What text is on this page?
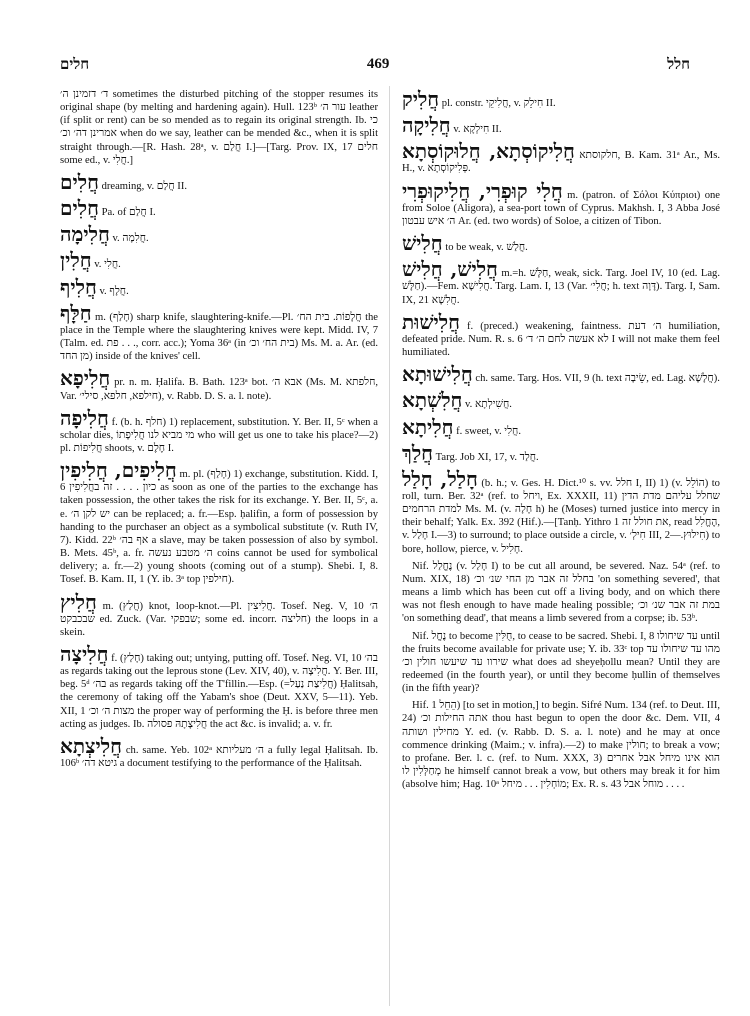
חלים	469	חלל
ד׳ דזמינן ה׳ sometimes the disturbed pitching of the stopper resumes its original shape (by melting and hardening again). Hull. 123ᵇ עור ה׳ leather (if split or rent) can be so mended as to regain its original strength. Ib. כי אמרינן דה׳ וכ׳ when do we say, leather can be mended &c., when it is split straight through.—[R. Hash. 28ᵃ, v. חֲלַם I.]—[Targ. Prov. IX, 17 חלים some ed., v. חֲלִי.]
חֲלִים dreaming, v. חֲלַם II.
חֲלִים Pa. of חֲלַם I.
חֲלִימָה v. חֲלִמָה.
חֲלִין v. חֲלִי.
חֲלִיף v. חֲלָף.
חַלָּף m. (חָלַף) sharp knife, slaughtering-knife.—Pl. חֲלָפוֹת. בית הח׳ the place in the Temple where the slaughtering knives were kept. Midd. IV, 7 (Talm. ed. פת . . ., corr. acc.); Yoma 36ᵃ (in בית הח׳ וכ׳) Ms. M. a. Ar. (ed. מן החד) inside of the knives' cell.
חֲלִיפָא pr. n. m. Ḥalifa. B. Bath. 123ᵃ bot. אבא ה׳ (Ms. M. חלפתא, Var. חילפא, חלפא, סילי׳), v. Rabb. D. S. a. l. note).
חֲלִיפָה f. (b. h. חלף) 1) replacement, substitution. Y. Ber. II, 5ᶜ when a scholar dies, מי מביא לנו חֲלִיפָתוֹ who will get us one to take his place?—2) pl. חֲלִיפוֹת shoots, v. חֶלֶם I.
חֲלִיפִים, חֲלִיפִין m. pl. (חָלַף) 1) exchange, substitution. Kidd. I, 6 כיון . . . . זה בחֲלִיפִין as soon as one of the parties to the exchange has taken possession, the other takes the risk for its exchange. Y. Ber. II, 5ᶜ, a. e. יש לקן ה׳ can be replaced; a. fr.—Esp. ḥalifin, a form of possession by handing to the purchaser an object as a symbolical substitute (v. Ruth IV, 7). Kidd. 22ᵇ אף בה׳ a slave, may be taken possession of also by symbol. B. Mets. 45ᵇ, a. fr. ה׳ מטבע נעשה coins cannot be used for symbolical delivery; a. fr.—2) young shoots (coming out of a stump). Shebi. I, 8. Tosef. B. Kam. II, 1 (Y. ib. 3ᵃ top חילפין).
חֲלִיץ m. (חֲלַץ) knot, loop-knot.—Pl. חֲלִיצִין. Tosef. Neg. V, 10 ה׳ שבכבקט ed. Zuck. (Var. שבפקי; some ed. incorr. חליצה) the loops in a skein.
חֲלִיצָה f. (חָלַץ) taking out; untying, putting off. Tosef. Neg. VI, 10 בה׳ as regards taking out the leprous stone (Lev. XIV, 40), v. חֲלִיצָה. Y. Ber. III, beg. 5ᵈ בה׳ as regards taking off the T'fillin.—Esp. (=חֲלִיצַת נַעַל) Ḥalitsah, the ceremony of taking off the Yabam's shoe (Deut. XXV, 5—11). Yeb. XII, 1 מצות ה׳ וכ׳ the proper way of performing the Ḥ. is before three men acting as judges. Ib. חֲלִיצָתָהּ פסולה the act &c. is invalid; a. v. fr.
חֲלִיצְתָא ch. same. Yeb. 102ᵃ ה׳ מעליותא a fully legal Ḥalitsah. Ib. 106ᵇ גיטא דה׳ a document testifying to the performance of the Ḥalitsah.
חֲלִיק pl. constr. חֲלִיקֵי, v. חִילֵק II.
חֲלִיקָה v. חִילְקָא II.
חֲלִיקוֹסְתָא, חֲלוּקוֹסְתָא חלקוסתא, B. Kam. 31ᵃ Ar., Ms. H., v. פְּלִיקוֹסְתָא.
חֲלִי קוּפְרִי, חֲלִיקוּפְרִי m. (patron. of Σόλοι Κύπριοι) one from Soloe (Aligora), a sea-port town of Cyprus. Makhsh. I, 3 Abba José ה׳ איש עבטון Ar. (ed. two words) of Soloe, a citizen of Tibon.
חֲלִישׁ to be weak, v. חֲלַשׁ.
חֲלִישׁ, חֲלִישׁ m.=h. חַלָּשׁ, weak, sick. Targ. Joel IV, 10 (ed. Lag. חַלָּשׁ).—Fem. חֲלִישָׁא. Targ. Lam. I, 13 (Var. חֲלִי׳; h. text דָּוָה). Targ. I, Sam. IX, 21 חֲלִשָׁא.
חֲלִישׁוּת f. (preced.) weakening, faintness. ה׳ דעת humiliation, defeated pride. Num. R. s. 6 לא אעשה לחם ה׳ ד׳ I will not make them feel humiliated.
חֲלִישׁוּתָא ch. same. Targ. Hos. VII, 9 (h. text שֵׂיבָה, ed. Lag. חֲלָשָׁא).
חֲלִשְׁתָא v. חֲשִׁילְתָא.
חֲלִיתָא f. sweet, v. חֲלִי.
חֲלַךְ Targ. Job XI, 17, v. חֲלַד.
חָלַל, חָלַל (b. h.; v. Ges. H. Dict.¹⁰ s. vv. חלל I, II) 1) (v. הוֹלֵל) to roll, turn. Ber. 32ᵃ (ref. to ויחל, Ex. XXXII, 11) שחלל עליהם מדת הדין למדת הרחמים Ms. M. (v. חָלָה h) he (Moses) turned justice into mercy in their behalf; Yalk. Ex. 392 (Hif.).—[Tanḥ. Yithro 1 את חולל זה, read הֶחֱלִל, v. חָלַל I.—3) to surround; to place outside a circle, v. חִילְ׳ III, חִילוּץ.—2) to bore, hollow, pierce, v. חָלִיל.
Nif. נֶחֱלַל (v. חָלַל I) to be cut all around, be severed. Naz. 54ᵃ (ref. to Num. XIX, 18) בחלל זה אבר מן החי שנ׳ וכ׳ 'on something severed', that means a limb which has been cut off a living body, and on which there was not flesh enough to have made healing possible; במת זה אבר שנ׳ וכ׳ 'on something dead', that means a limb severed from a corpse; ib. 53ᵇ.
Nif. נֶחֱל to become חֻלִּין, to cease to be sacred. Shebi. I, 8 עד שיחולו until the fruits become available for private use; Y. ib. 33ᶜ top מהו עד שיחולו עד שירוו עד שיעשו חולין וכ׳ what does ad sheyeḥollu mean? Until they are redeemed (in the fourth year), or until they become ḥullin of themselves (in the fifth year)?
Hif. הֵחֵל 1) [to set in motion,] to begin. Sifré Num. 134 (ref. to Deut. III, 24) אתה החילות וכ׳ thou hast begun to open the door &c. Dem. VII, 4 מחילין ושותה Y. ed. (v. Rabb. D. S. a. l. note) and he may at once commence drinking (Maim.; v. infra).—2) to make חולין; to break a vow; to profane. Ber. l. c. (ref. to Num. XXX, 3) הוא אינו מיחל אבל אחרים מְחַלְּלִין לו he himself cannot break a vow, but others may break it for him (absolve him; Hag. 10ᵃ מוֹחְלִין . . . מיחל; Ex. R. s. 43 מוחל אבל . . . .
